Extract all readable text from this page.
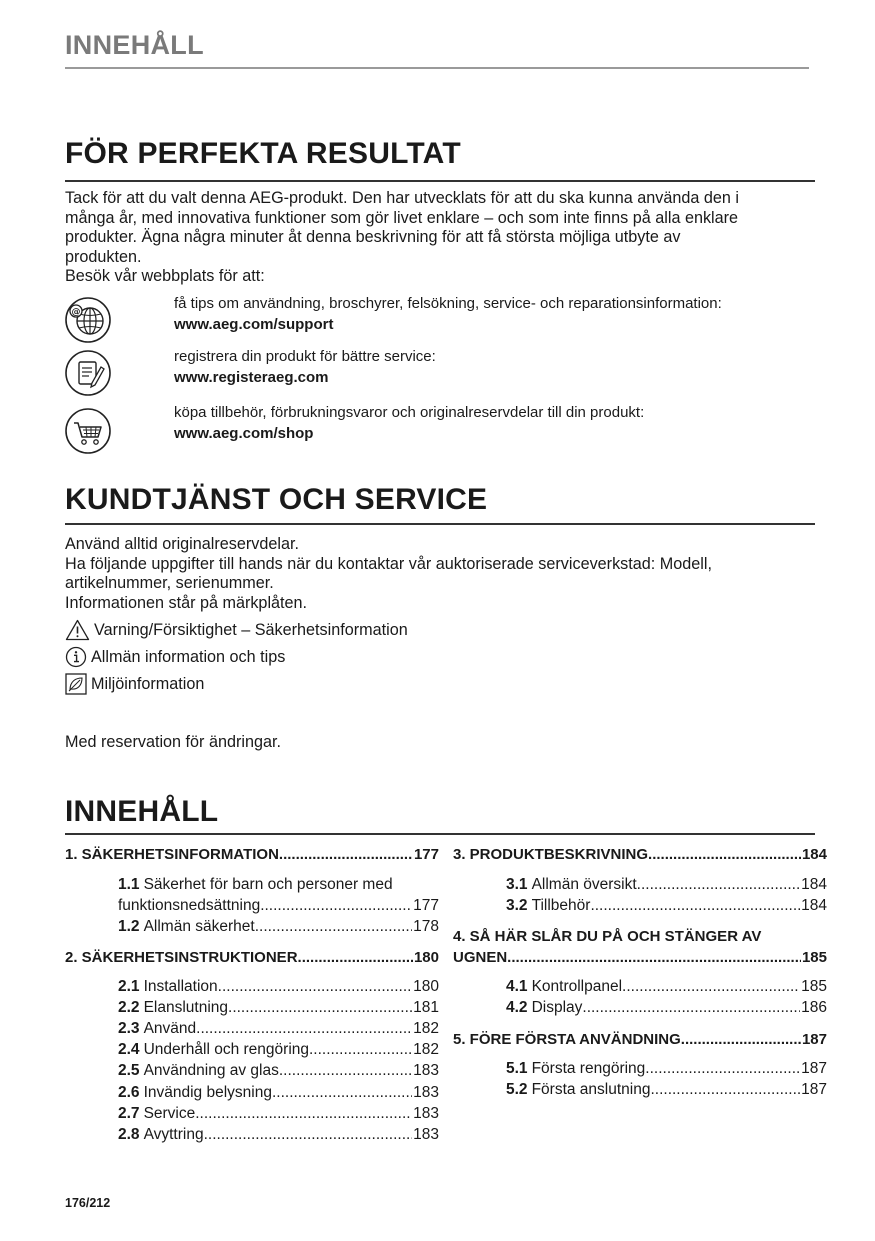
INNEHÅLL
FÖR PERFEKTA RESULTAT
Tack för att du valt denna AEG-produkt. Den har utvecklats för att du ska kunna använda den i
många år, med innovativa funktioner som gör livet enklare – och som inte finns på alla enklare
produkter. Ägna några minuter åt denna beskrivning för att få största möjliga utbyte av
produkten.
Besök vår webbplats för att:
@
få tips om användning, broschyrer, felsökning, service- och reparationsinformation:
www.aeg.com/support
registrera din produkt för bättre service:
www.registeraeg.com
köpa tillbehör, förbrukningsvaror och originalreservdelar till din produkt:
www.aeg.com/shop
KUNDTJÄNST OCH SERVICE
Använd alltid originalreservdelar.
Ha följande uppgifter till hands när du kontaktar vår auktoriserade serviceverkstad: Modell,
artikelnummer, serienummer.
Informationen står på märkplåten.
Varning/Försiktighet – Säkerhetsinformation
Allmän information och tips
Miljöinformation
Med reservation för ändringar.
INNEHÅLL
1. SÄKERHETSINFORMATION .....	177
1.1 Säkerhet för barn och personer med
funktionsnedsättning .....	177
1.2 Allmän säkerhet .....	178
2. SÄKERHETSINSTRUKTIONER .....	180
2.1 Installation .....	180
2.2 Elanslutning .....	181
2.3 Använd .....	182
2.4 Underhåll och rengöring .....	182
2.5 Användning av glas .....	183
2.6 Invändig belysning .....	183
2.7 Service .....	183
2.8 Avyttring .....	183
3. PRODUKTBESKRIVNING .....	184
3.1 Allmän översikt .....	184
3.2 Tillbehör .....	184
4. SÅ HÄR SLÅR DU PÅ OCH STÄNGER AV
UGNEN .....	185
4.1 Kontrollpanel .....	185
4.2 Display .....	186
5. FÖRE FÖRSTA ANVÄNDNING .....	187
5.1 Första rengöring .....	187
5.2 Första anslutning .....	187
176/212
